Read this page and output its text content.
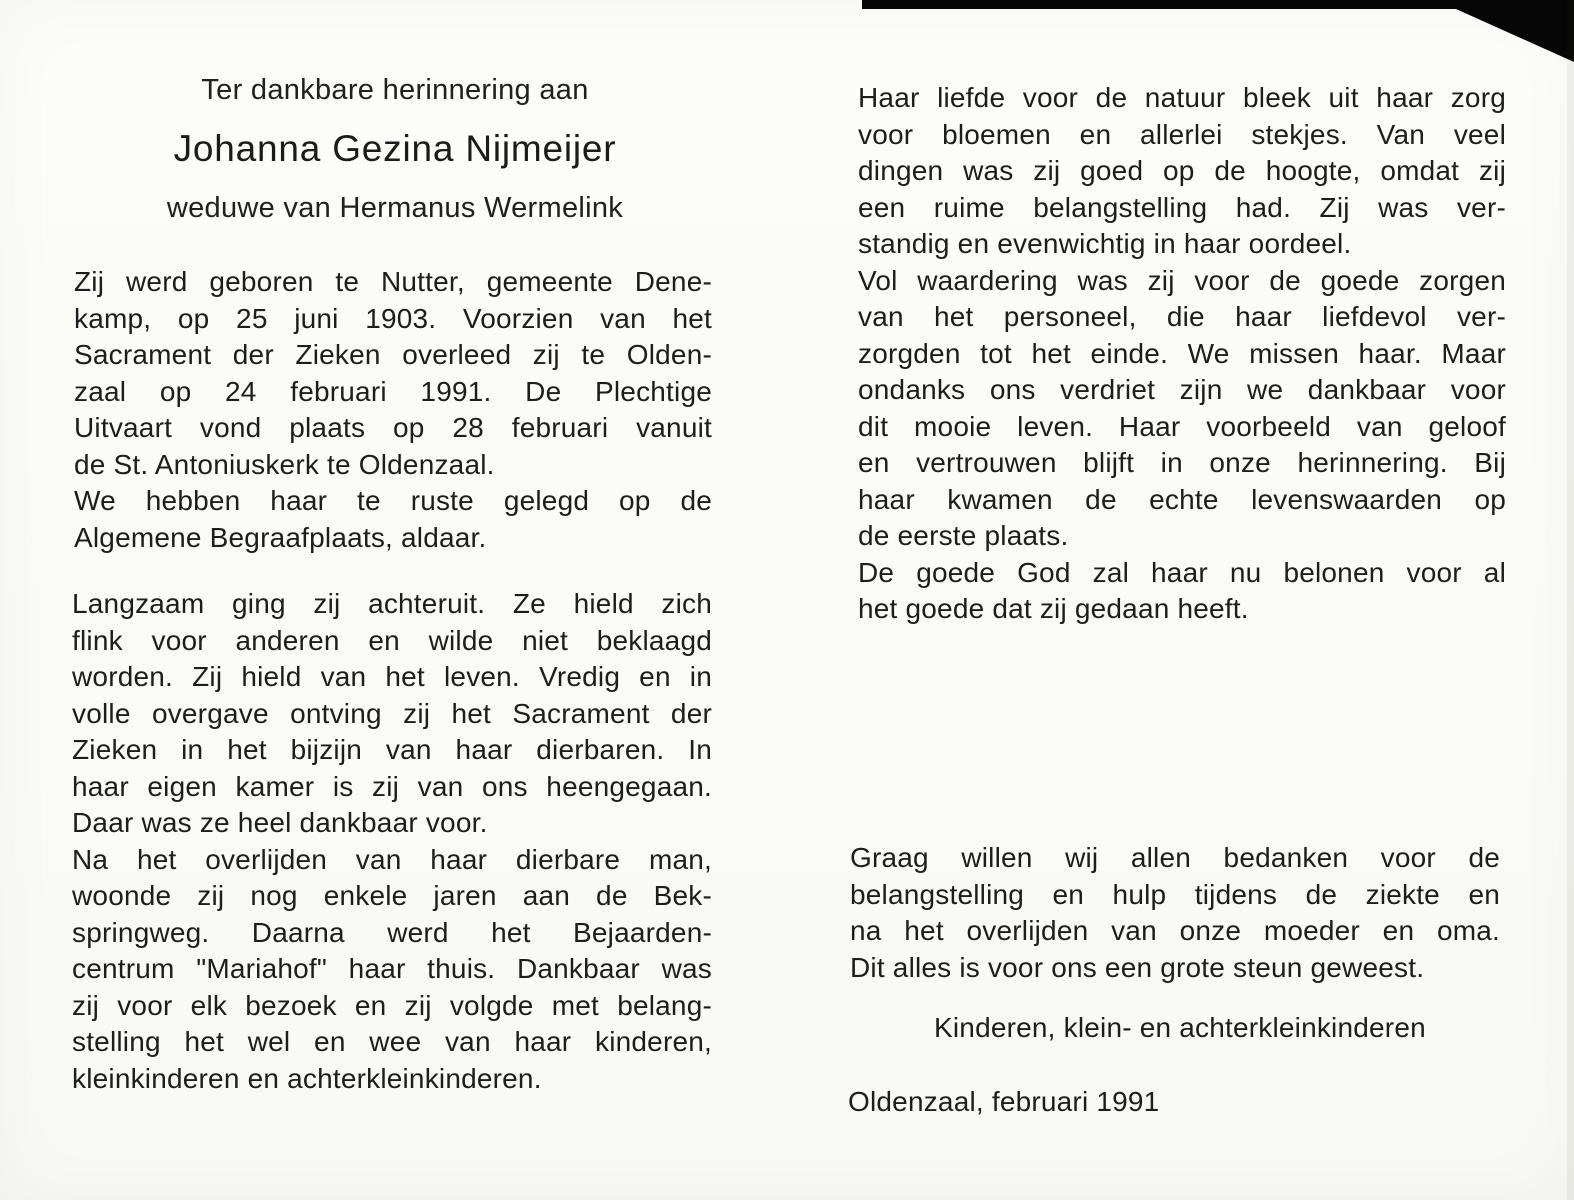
Ter dankbare herinnering aan
Johanna Gezina Nijmeijer
weduwe van Hermanus Wermelink
Zij werd geboren te Nutter, gemeente Dene-
kamp, op 25 juni 1903. Voorzien van het
Sacrament der Zieken overleed zij te Olden-
zaal op 24 februari 1991. De Plechtige
Uitvaart vond plaats op 28 februari vanuit
de St. Antoniuskerk te Oldenzaal.
We hebben haar te ruste gelegd op de
Algemene Begraafplaats, aldaar.
Langzaam ging zij achteruit. Ze hield zich
flink voor anderen en wilde niet beklaagd
worden. Zij hield van het leven. Vredig en in
volle overgave ontving zij het Sacrament der
Zieken in het bijzijn van haar dierbaren. In
haar eigen kamer is zij van ons heengegaan.
Daar was ze heel dankbaar voor.
Na het overlijden van haar dierbare man,
woonde zij nog enkele jaren aan de Bek-
springweg. Daarna werd het Bejaarden-
centrum "Mariahof" haar thuis. Dankbaar was
zij voor elk bezoek en zij volgde met belang-
stelling het wel en wee van haar kinderen,
kleinkinderen en achterkleinkinderen.
Haar liefde voor de natuur bleek uit haar zorg
voor bloemen en allerlei stekjes. Van veel
dingen was zij goed op de hoogte, omdat zij
een ruime belangstelling had. Zij was ver-
standig en evenwichtig in haar oordeel.
Vol waardering was zij voor de goede zorgen
van het personeel, die haar liefdevol ver-
zorgden tot het einde. We missen haar. Maar
ondanks ons verdriet zijn we dankbaar voor
dit mooie leven. Haar voorbeeld van geloof
en vertrouwen blijft in onze herinnering. Bij
haar kwamen de echte levenswaarden op
de eerste plaats.
De goede God zal haar nu belonen voor al
het goede dat zij gedaan heeft.
Graag willen wij allen bedanken voor de
belangstelling en hulp tijdens de ziekte en
na het overlijden van onze moeder en oma.
Dit alles is voor ons een grote steun geweest.
Kinderen, klein- en achterkleinkinderen
Oldenzaal, februari 1991
